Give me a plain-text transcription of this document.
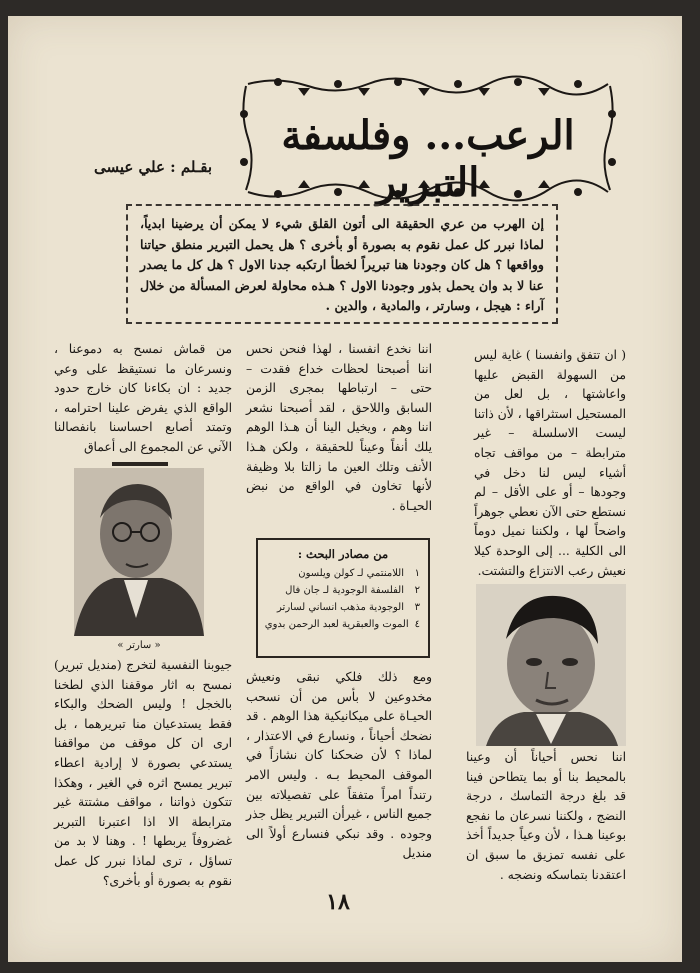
الرعب... وفلسفة التبرير
بقـلم : علي عيسى
إن الهرب من عري الحقيقة الى أتون القلق شيء لا يمكن أن يرضينا ابدياً، لماذا نبرر كل عمل نقوم به بصورة أو بأخرى ؟ هل يحمل التبرير منطق حياتنا وواقعها ؟ هل كان وجودنا هنا تبريراً لخطأ ارتكبه جدنا الاول ؟ هل كل ما يصدر عنا لا بد وان يحمل بذور وجودنا الاول ؟ هـذه محاولة لعرض المسألة من خلال آراء : هيجل ، وسارتر ، والمادية ، والدين .
( ان تتفق وانفسنا ) غاية ليس من السهولة القبض عليها واعاشتها ، بل لعل من المستحيل استثراقها ، لأن ذاتنا ليست الاسلسلة – غير مترابطة – من مواقف تجاه أشياء ليس لنا دخل في وجودها – أو على الأقل – لم نستطع حتى الآن نعطي جوهراً واضحاً لها ، ولكننا نميل دوماً الى الكلية ... إلى الوحدة كيلا نعيش رعب الانتزاع والتشتت.
اننا نحس أحياناً أن وعينا بالمحيط بنا أو بما يتطاحن فينا قد بلغ درجة التماسك ، درجة النضج ، ولكننا نسرعان ما نفجع بوعينا هـذا ، لأن وعياً جديداً أخذ على نفسه تمزيق ما سبق ان اعتقدنا بتماسكه ونضجه .
اننا نخدع انفسنا ، لهذا فنحن نحس اننا أصبحنا لحظات خداع فقدت – حتى – ارتباطها بمجرى الزمن السابق واللاحق ، لقد أصبحنا نشعر اننا وهم ، ويخيل الينا أن هـذا الوهم يلك أنفاً وعيناً للحقيقة ، ولكن هـذا الأنف وتلك العين ما زالتا بلا وظيفة لأنها تخاون في الواقع من نبض الحيـاة .
من مصادر البحث :
١
اللامنتمي لـ كولن ويلسون
٢
الفلسفة الوجودية لـ جان فال
٣
الوجودية مذهب انساني لسارتر
٤
الموت والعبقرية لعبد الرحمن بدوي
ومع ذلك فلكي نبقى ونعيش مخدوعين لا بأس من أن نسحب الحيـاة على ميكانيكية هذا الوهم . قد نضحك أحياناً ، ونسارع في الاعتذار ، لماذا ؟ لأن ضحكنا كان نشازاً في الموقف المحيط بـه . وليس الامر رتنداً امراً متفقاً على تفصيلاته بين جميع الناس ، غيرأن التبرير يظل جذر وجوده . وقد نبكي فنسارع أولاً الى منديل
من قماش نمسح به دموعنا ، ونسرعان ما نستيقظ على وعي جديد : ان بكاءنا كان خارج حدود الواقع الذي يفرض علينا احترامه ، وتمتد أصابع احساسنا بانفصالنا الآني عن المجموع الى أعماق
« سارتر »
جيوبنا النفسية لتخرج (منديل تبرير) نمسح به اثار موقفنا الذي لطخنا بالخجل ! وليس الضحك والبكاء فقط يستدعيان منا تبريرهما ، بل ارى ان كل موقف من مواقفنا يستدعي بصورة لا إرادية اعطاء تبرير يمسح اثره في الغير ، وهكذا تتكون ذواتنا ، مواقف مشتتة غير مترابطة الا اذا اعتبرنا التبرير غضروفاً يربطها ! . وهنا لا بد من تساؤل ، ترى لماذا نبرر كل عمل نقوم به بصورة أو بأخرى؟
١٨
